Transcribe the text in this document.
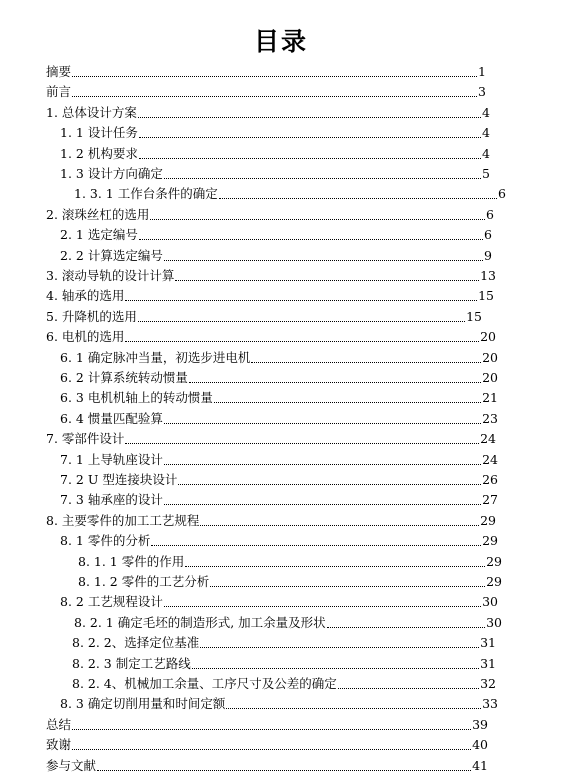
目录
摘要	1
前言	3
1. 总体设计方案	4
1. 1 设计任务	4
1. 2 机构要求	4
1. 3 设计方向确定	5
1. 3. 1 工作台条件的确定	6
2. 滚珠丝杠的选用	6
2. 1 选定编号	6
2. 2 计算选定编号	9
3. 滚动导轨的设计计算	13
4. 轴承的选用	15
5. 升降机的选用	15
6. 电机的选用	20
6. 1 确定脉冲当量，初选步进电机	20
6. 2 计算系统转动惯量	20
6. 3 电机机轴上的转动惯量	21
6. 4 惯量匹配验算	23
7. 零部件设计	24
7. 1 上导轨座设计	24
7. 2 U 型连接块设计	26
7. 3 轴承座的设计	27
8. 主要零件的加工工艺规程	29
8. 1 零件的分析	29
8. 1. 1 零件的作用	29
8. 1. 2 零件的工艺分析	29
8. 2 工艺规程设计	30
8. 2. 1 确定毛坯的制造形式, 加工余量及形状	30
8. 2. 2、选择定位基准	31
8. 2. 3 制定工艺路线	31
8. 2. 4、机械加工余量、工序尺寸及公差的确定	32
8. 3 确定切削用量和时间定额	33
总结	39
致谢	40
参与文献	41
